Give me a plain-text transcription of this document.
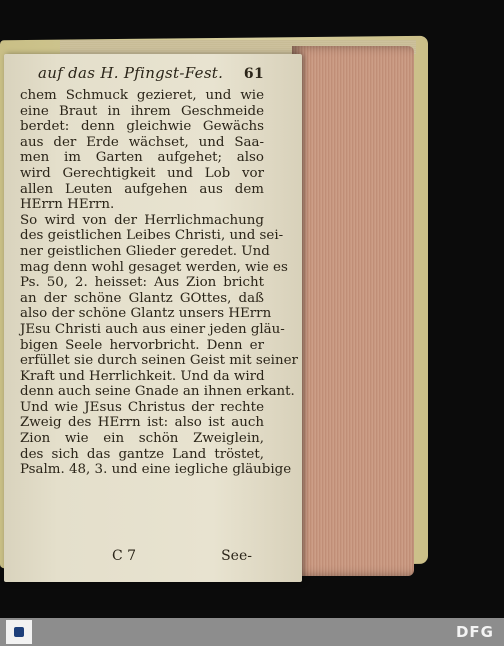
auf das H. Pfingst-Fest. 61
chem Schmuck gezieret, und wie
eine Braut in ihrem Geschmeide
berdet: denn gleichwie Gewächs
aus der Erde wächset, und Saa-
men im Garten aufgehet; also
wird Gerechtigkeit und Lob vor
allen Leuten aufgehen aus dem
HErrn HErrn.
So wird von der Herrlichmachung
des geistlichen Leibes Christi, und sei-
ner geistlichen Glieder geredet. Und
mag denn wohl gesaget werden, wie es
Ps. 50, 2. heisset: Aus Zion bricht
an der schöne Glantz GOttes, daß
also der schöne Glantz unsers HErrn
JEsu Christi auch aus einer jeden gläu-
bigen Seele hervorbricht. Denn er
erfüllet sie durch seinen Geist mit seiner
Kraft und Herrlichkeit. Und da wird
denn auch seine Gnade an ihnen erkant.
Und wie JEsus Christus der rechte
Zweig des HErrn ist: also ist auch
Zion wie ein schön Zweiglein,
des sich das gantze Land tröstet,
Psalm. 48, 3. und eine iegliche gläubige
C 7	See-
DFG
